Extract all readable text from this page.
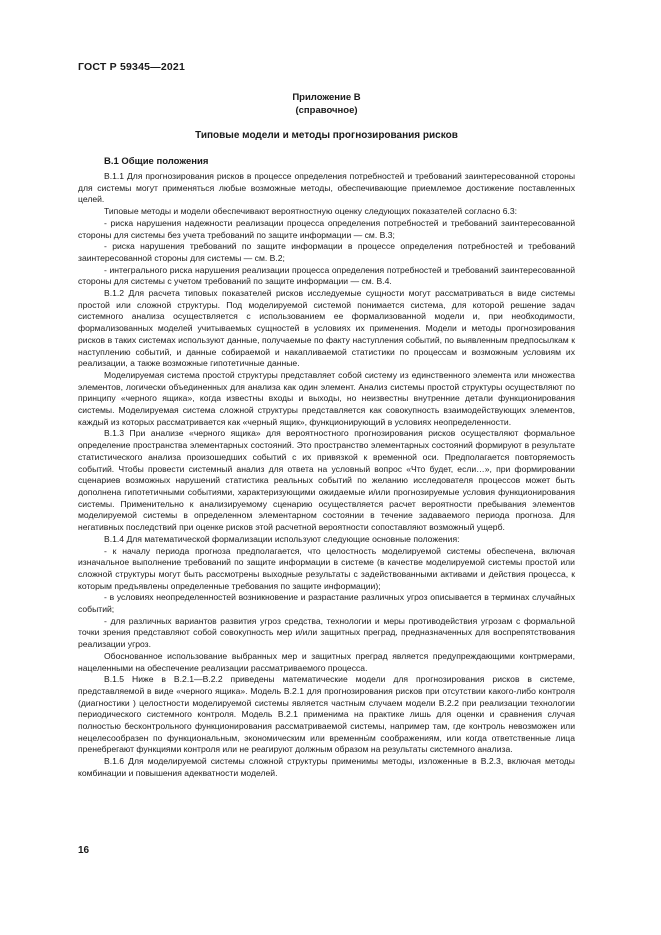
ГОСТ Р 59345—2021
Приложение В
(справочное)
Типовые модели и методы прогнозирования рисков
В.1 Общие положения

В.1.1 Для прогнозирования рисков в процессе определения потребностей и требований заинтересованной стороны для системы могут применяться любые возможные методы, обеспечивающие приемлемое достижение поставленных целей.

Типовые методы и модели обеспечивают вероятностную оценку следующих показателей согласно 6.3:

- риска нарушения надежности реализации процесса определения потребностей и требований заинтересованной стороны для системы без учета требований по защите информации — см. В.3;

- риска нарушения требований по защите информации в процессе определения потребностей и требований заинтересованной стороны для системы — см. В.2;

- интегрального риска нарушения реализации процесса определения потребностей и требований заинтересованной стороны для системы с учетом требований по защите информации — см. В.4.

В.1.2 Для расчета типовых показателей рисков исследуемые сущности могут рассматриваться в виде системы простой или сложной структуры. Под моделируемой системой понимается система, для которой решение задач системного анализа осуществляется с использованием ее формализованной модели и, при необходимости, формализованных моделей учитываемых сущностей в условиях их применения. Модели и методы прогнозирования рисков в таких системах используют данные, получаемые по факту наступления событий, по выявленным предпосылкам к наступлению событий, и данные собираемой и накапливаемой статистики по процессам и возможным условиям их реализации, а также возможные гипотетичные данные.

Моделируемая система простой структуры представляет собой систему из единственного элемента или множества элементов, логически объединенных для анализа как один элемент. Анализ системы простой структуры осуществляют по принципу «черного ящика», когда известны входы и выходы, но неизвестны внутренние детали функционирования системы. Моделируемая система сложной структуры представляется как совокупность взаимодействующих элементов, каждый из которых рассматривается как «черный ящик», функционирующий в условиях неопределенности.

В.1.3 При анализе «черного ящика» для вероятностного прогнозирования рисков осуществляют формальное определение пространства элементарных состояний. Это пространство элементарных состояний формируют в результате статистического анализа произошедших событий с их привязкой к временной оси. Предполагается повторяемость событий. Чтобы провести системный анализ для ответа на условный вопрос «Что будет, если…», при формировании сценариев возможных нарушений статистика реальных событий по желанию исследователя процессов может быть дополнена гипотетичными событиями, характеризующими ожидаемые и/или прогнозируемые условия функционирования системы. Применительно к анализируемому сценарию осуществляется расчет вероятности пребывания элементов моделируемой системы в определенном элементарном состоянии в течение задаваемого периода прогноза. Для негативных последствий при оценке рисков этой расчетной вероятности сопоставляют возможный ущерб.

В.1.4 Для математической формализации используют следующие основные положения:

- к началу периода прогноза предполагается, что целостность моделируемой системы обеспечена, включая изначальное выполнение требований по защите информации в системе (в качестве моделируемой системы простой или сложной структуры могут быть рассмотрены выходные результаты с задействованными активами и действия процесса, к которым предъявлены определенные требования по защите информации);

- в условиях неопределенностей возникновение и разрастание различных угроз описывается в терминах случайных событий;

- для различных вариантов развития угроз средства, технологии и меры противодействия угрозам с формальной точки зрения представляют собой совокупность мер и/или защитных преград, предназначенных для воспрепятствования реализации угроз.

Обоснованное использование выбранных мер и защитных преград является предупреждающими контрмерами, нацеленными на обеспечение реализации рассматриваемого процесса.

В.1.5 Ниже в В.2.1—В.2.2 приведены математические модели для прогнозирования рисков в системе, представляемой в виде «черного ящика». Модель В.2.1 для прогнозирования рисков при отсутствии какого-либо контроля (диагностики ) целостности моделируемой системы является частным случаем модели В.2.2 при реализации технологии периодического системного контроля. Модель В.2.1 применима на практике лишь для оценки и сравнения случая полностью бесконтрольного функционирования рассматриваемой системы, например там, где контроль невозможен или нецелесообразен по функциональным, экономическим или временны́м соображениям, или когда ответственные лица пренебрегают функциями контроля или не реагируют должным образом на результаты системного анализа.

В.1.6 Для моделируемой системы сложной структуры применимы методы, изложенные в В.2.3, включая методы комбинации и повышения адекватности моделей.

16
